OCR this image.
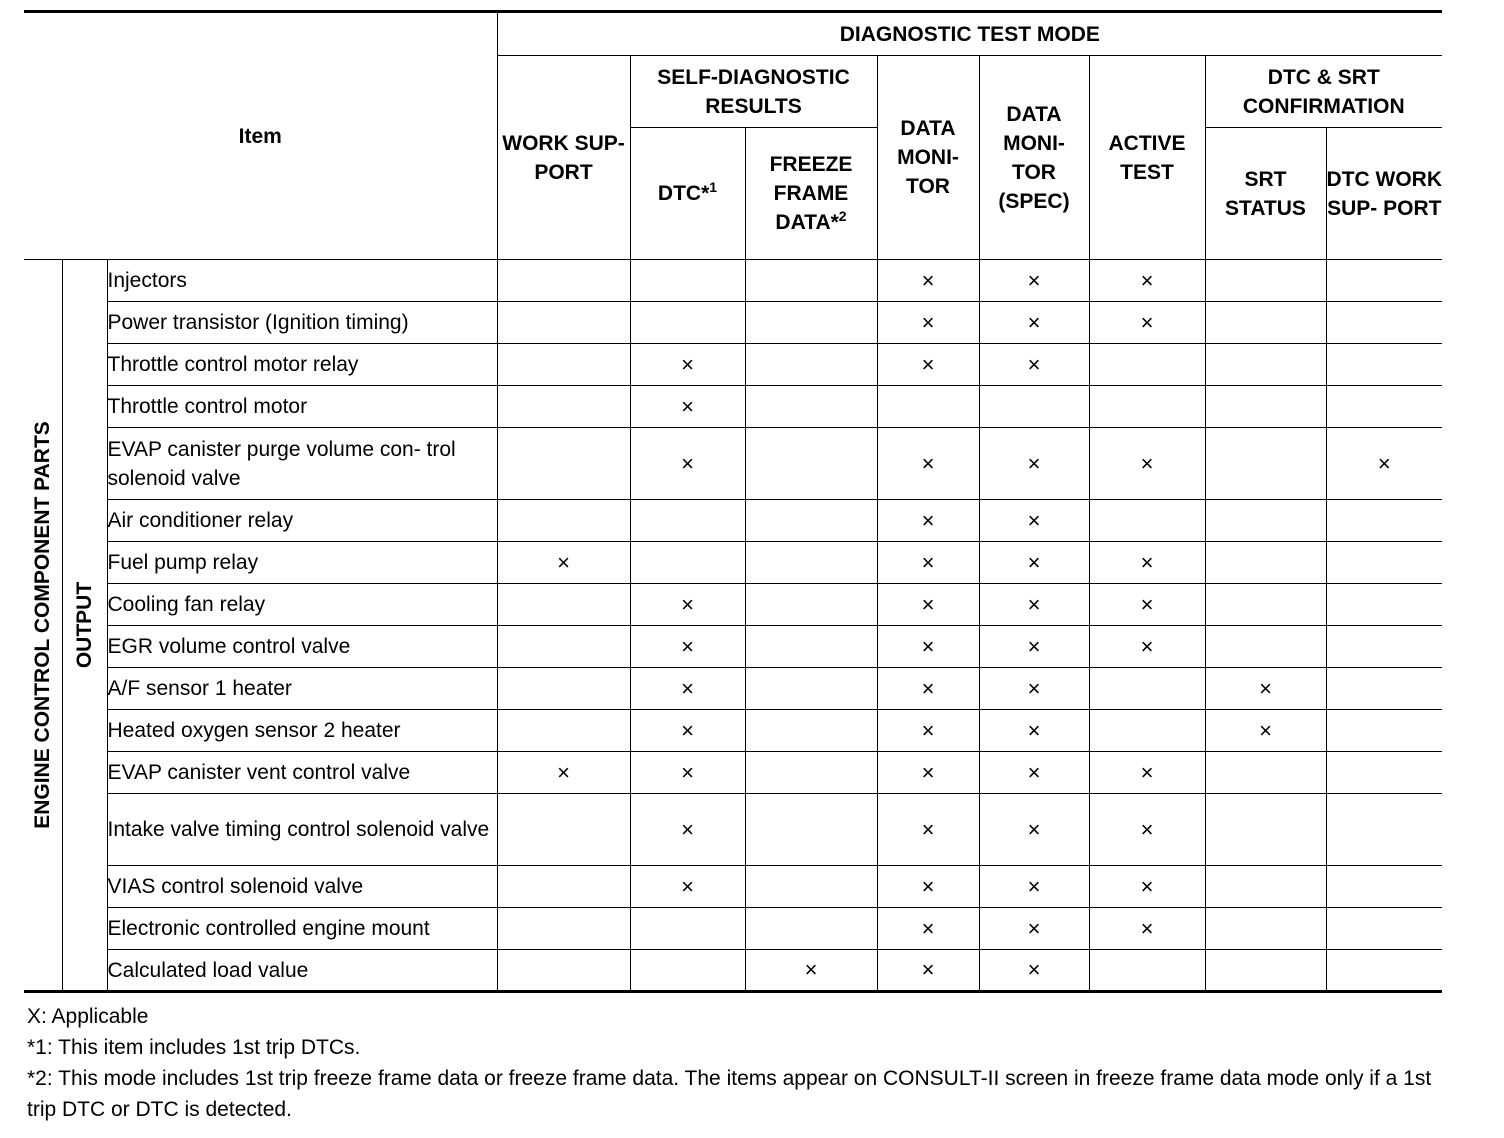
Item			DIAGNOSTIC TEST MODE							
			WORK SUP- PORT	SELF-DIAGNOSTIC RESULTS		DATA MONI- TOR	DATA MONI- TOR (SPEC)	ACTIVE TEST	DTC & SRT CONFIRMATION	
				DTC*$^1$	FREEZE FRAME DATA*$^2$				SRT STATUS	DTC WORK SUP- PORT

ENGINE CONTROL COMPONENT PARTS	OUTPUT	Injectors				×	×	×		
		Power transistor (Ignition timing)				×	×	×		
		Throttle control motor relay		×		×	×			
		Throttle control motor		×						
		EVAP canister purge volume con- trol solenoid valve		×		×	×	×		×
		Air conditioner relay				×	×			
		Fuel pump relay	×			×	×	×		
		Cooling fan relay		×		×	×	×		
		EGR volume control valve		×		×	×	×		
		A/F sensor 1 heater		×		×	×		×	
		Heated oxygen sensor 2 heater		×		×	×		×	
		EVAP canister vent control valve	×	×		×	×	×		
		Intake valve timing control solenoid valve		×		×	×	×		
		VIAS control solenoid valve		×		×	×	×		
		Electronic controlled engine mount				×	×	×		
		Calculated load value			×	×	×			
X: Applicable
*1: This item includes 1st trip DTCs.
*2: This mode includes 1st trip freeze frame data or freeze frame data. The items appear on CONSULT-II screen in freeze frame data mode only if a 1st trip DTC or DTC is detected.
